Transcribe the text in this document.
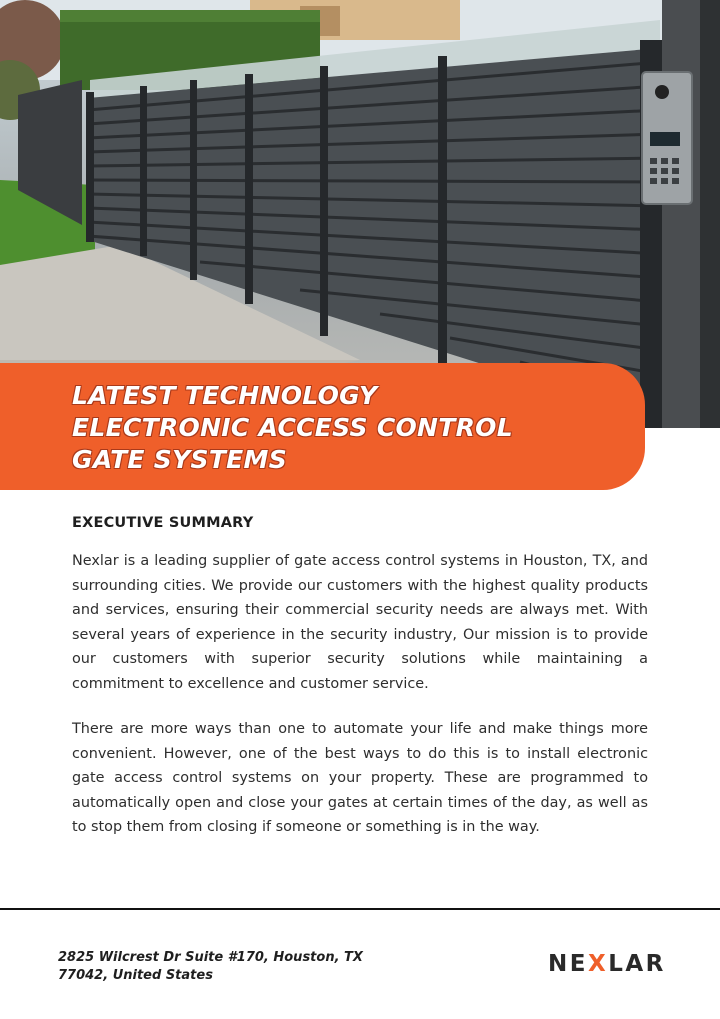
LATEST TECHNOLOGY
ELECTRONIC ACCESS CONTROL
GATE SYSTEMS
EXECUTIVE SUMMARY

Nexlar is a leading supplier of gate access control systems in Houston, TX, and surrounding cities. We provide our customers with the highest quality products and services, ensuring their commercial security needs are always met. With several years of experience in the security industry, Our mission is to provide our customers with superior security solutions while maintaining a commitment to excellence and customer service.

There are more ways than one to automate your life and make things more convenient. However, one of the best ways to do this is to install electronic gate access control systems on your property. These are programmed to automatically open and close your gates at certain times of the day, as well as to stop them from closing if someone or something is in the way.

2825 Wilcrest Dr Suite #170, Houston, TX
77042, United States	NEXLAR
